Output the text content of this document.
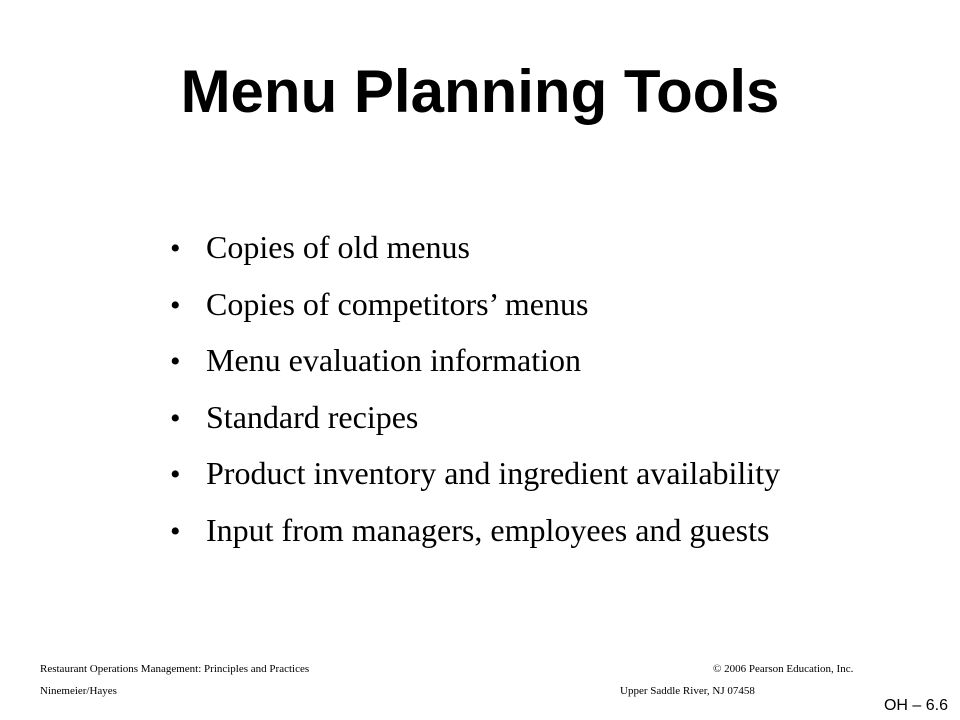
Menu Planning Tools
• Copies of old menus
• Copies of competitors’ menus
• Menu evaluation information
• Standard recipes
• Product inventory and ingredient availability
• Input from managers, employees and guests
Restaurant Operations Management: Principles and Practices
Ninemeier/Hayes
© 2006 Pearson Education, Inc.
Upper Saddle River, NJ 07458
OH – 6.6
